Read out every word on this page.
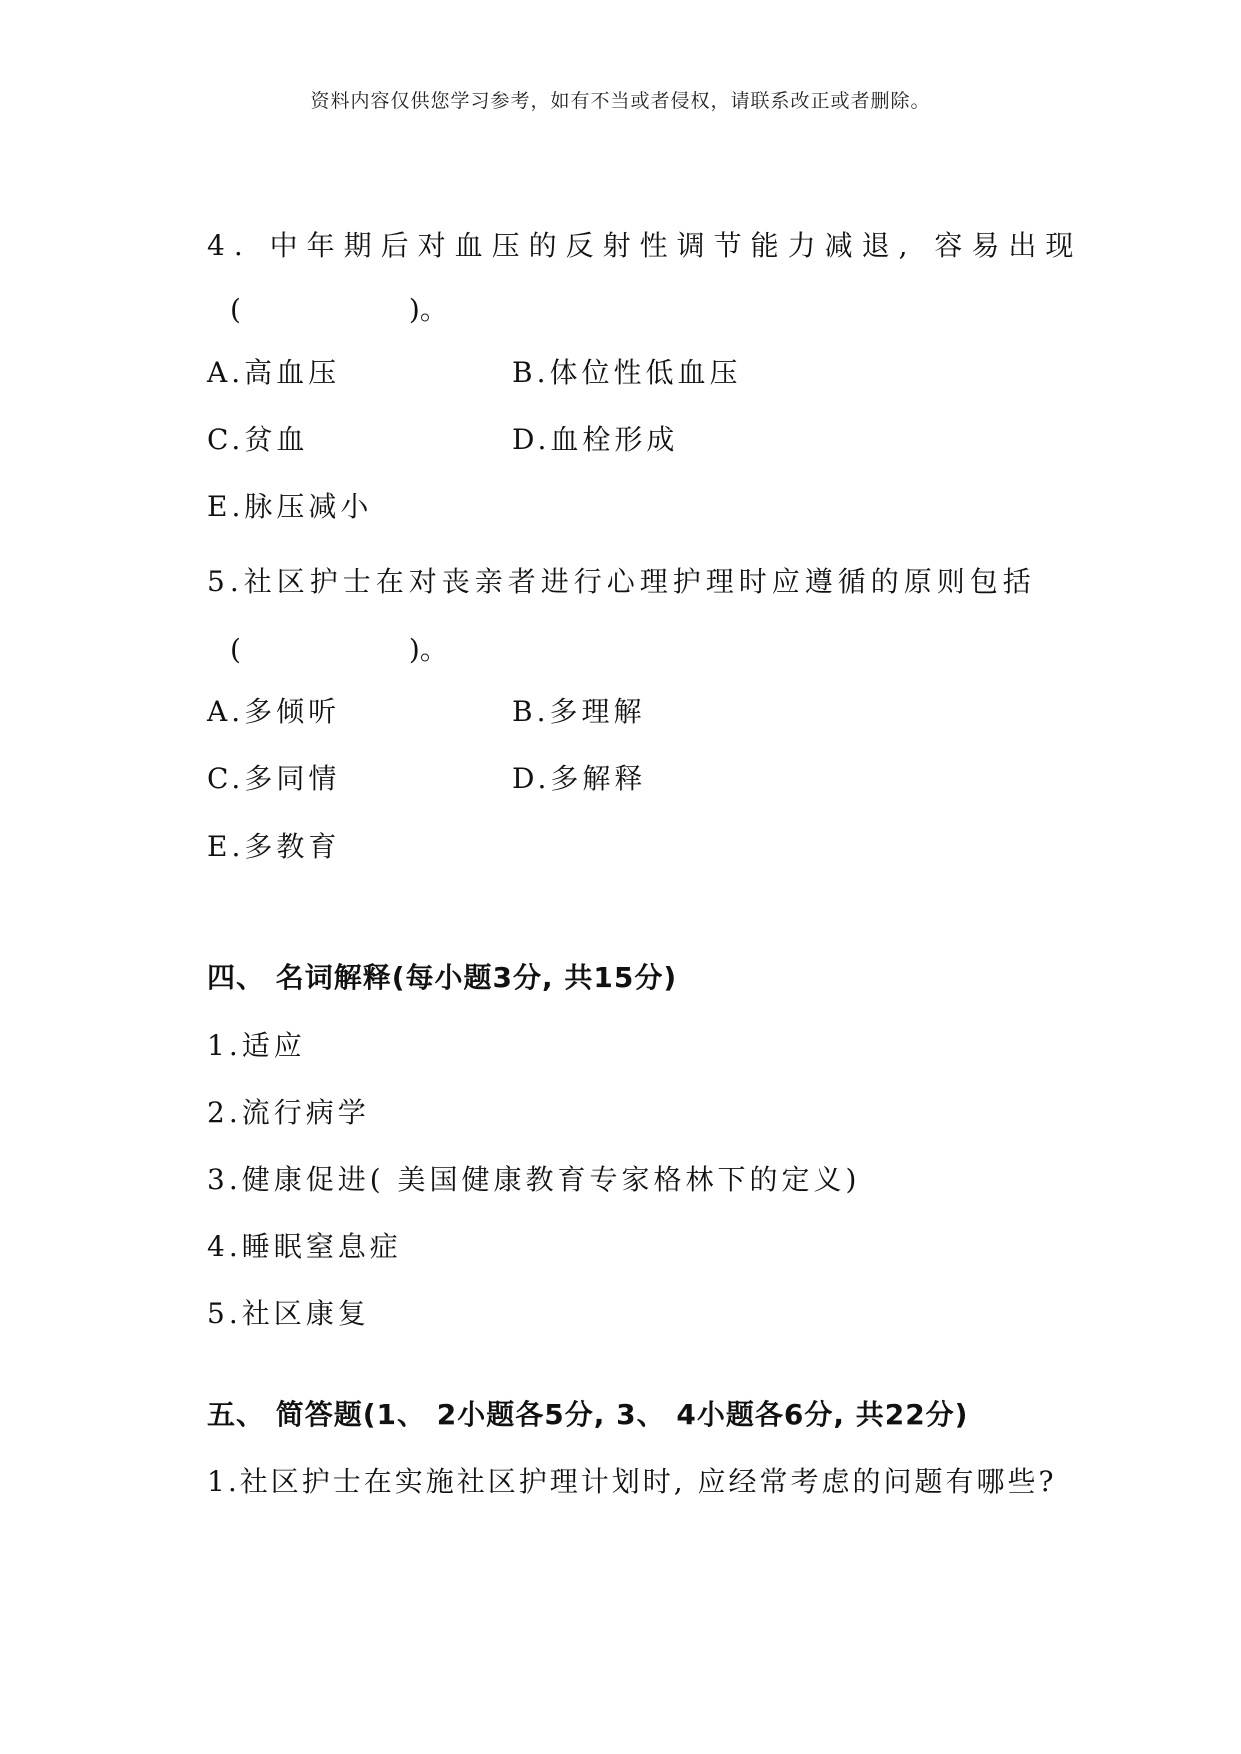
资料内容仅供您学习参考，如有不当或者侵权，请联系改正或者删除。
4. 中年期后对血压的反射性调节能力减退, 容易出现
(　　　　　　)。
A.高血压	B.体位性低血压
C.贫血	D.血栓形成
E.脉压减小
5.社区护士在对丧亲者进行心理护理时应遵循的原则包括
(　　　　　　)。
A.多倾听	B.多理解
C.多同情	D.多解释
E.多教育
四、 名词解释(每小题3分, 共15分)
1.适应
2.流行病学
3.健康促进( 美国健康教育专家格林下的定义)
4.睡眠窒息症
5.社区康复
五、 简答题(1、 2小题各5分, 3、 4小题各6分, 共22分)
1.社区护士在实施社区护理计划时, 应经常考虑的问题有哪些?
